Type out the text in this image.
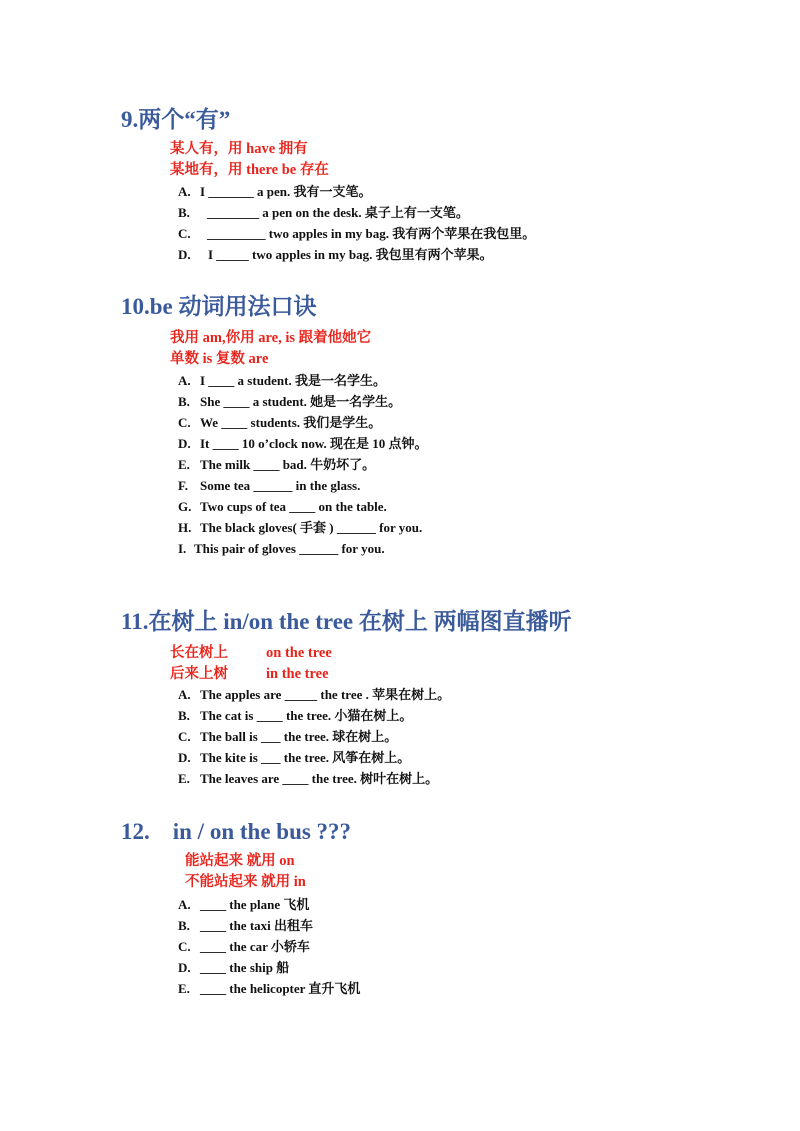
9.两个“有”
某人有，用 have 拥有
某地有，用 there be 存在
A. I _______ a pen. 我有一支笔。
B. ________ a pen on the desk. 桌子上有一支笔。
C. _________ two apples in my bag. 我有两个苹果在我包里。
D. I _____ two apples in my bag. 我包里有两个苹果。
10.be 动词用法口诀
我用 am,你用 are, is 跟着他她它
单数 is 复数 are
A. I ____ a student. 我是一名学生。
B. She ____ a student. 她是一名学生。
C. We ____ students. 我们是学生。
D. It ____ 10 o’clock now. 现在是 10 点钟。
E. The milk ____ bad. 牛奶坏了。
F. Some tea ______ in the glass.
G. Two cups of tea ____ on the table.
H. The black gloves( 手套 ) ______ for you.
I. This pair of gloves ______ for you.
11.在树上 in/on the tree 在树上 两幅图直播听
长在树上	on the tree
后来上树	in the tree
A. The apples are _____ the tree . 苹果在树上。
B. The cat is ____ the tree. 小猫在树上。
C. The ball is ___ the tree. 球在树上。
D. The kite is ___ the tree. 风筝在树上。
E. The leaves are ____ the tree. 树叶在树上。
12.    in / on the bus ???
能站起来 就用 on
不能站起来 就用 in
A. ____ the plane 飞机
B. ____ the taxi 出租车
C. ____ the car 小轿车
D. ____ the ship 船
E. ____ the helicopter 直升飞机
